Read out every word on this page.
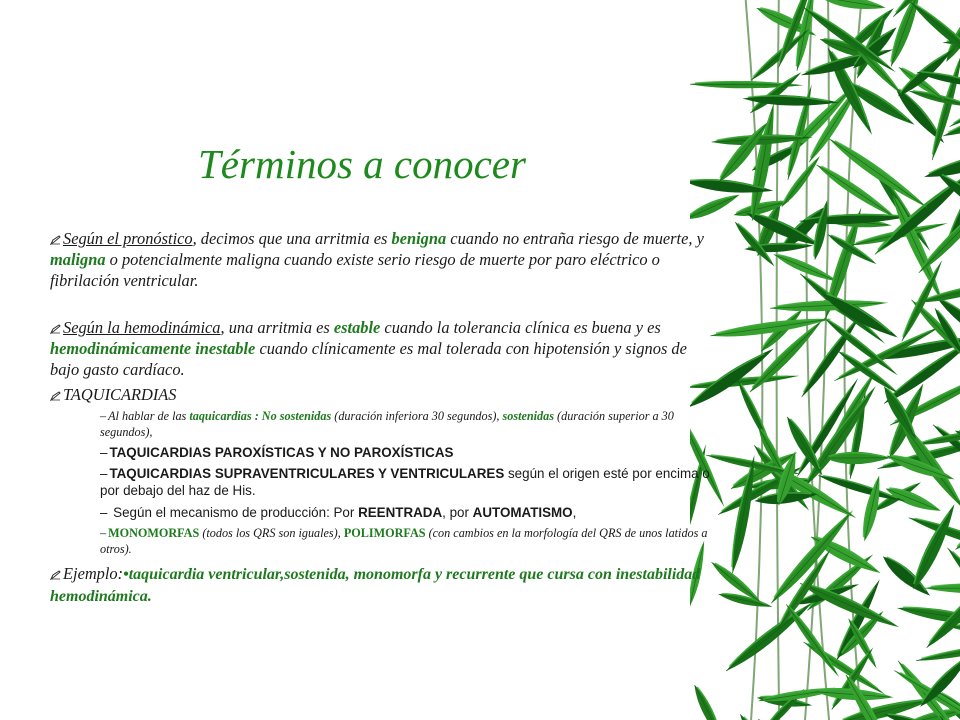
Términos a conocer

Según el pronóstico, decimos que una arritmia es benigna cuando no entraña riesgo de muerte, y maligna o potencialmente maligna cuando existe serio riesgo de muerte por paro eléctrico o fibrilación ventricular.

Según la hemodinámica, una arritmia es estable cuando la tolerancia clínica es buena y es hemodinámicamente inestable cuando clínicamente es mal tolerada con hipotensión y signos de bajo gasto cardíaco.

TAQUICARDIAS

– Al hablar de las taquicardias : No sostenidas (duración inferiora 30 segundos), sostenidas (duración superior a 30 segundos),
– TAQUICARDIAS PAROXÍSTICAS Y NO PAROXÍSTICAS
– TAQUICARDIAS SUPRAVENTRICULARES Y VENTRICULARES según el origen esté por encima o por debajo del haz de His.
– Según el mecanismo de producción: Por REENTRADA, por AUTOMATISMO,
– MONOMORFAS (todos los QRS son iguales), POLIMORFAS (con cambios en la morfología del QRS de unos latidos a otros).

Ejemplo:•taquicardia ventricular,sostenida, monomorfa y recurrente que cursa con inestabilidad hemodinámica.
